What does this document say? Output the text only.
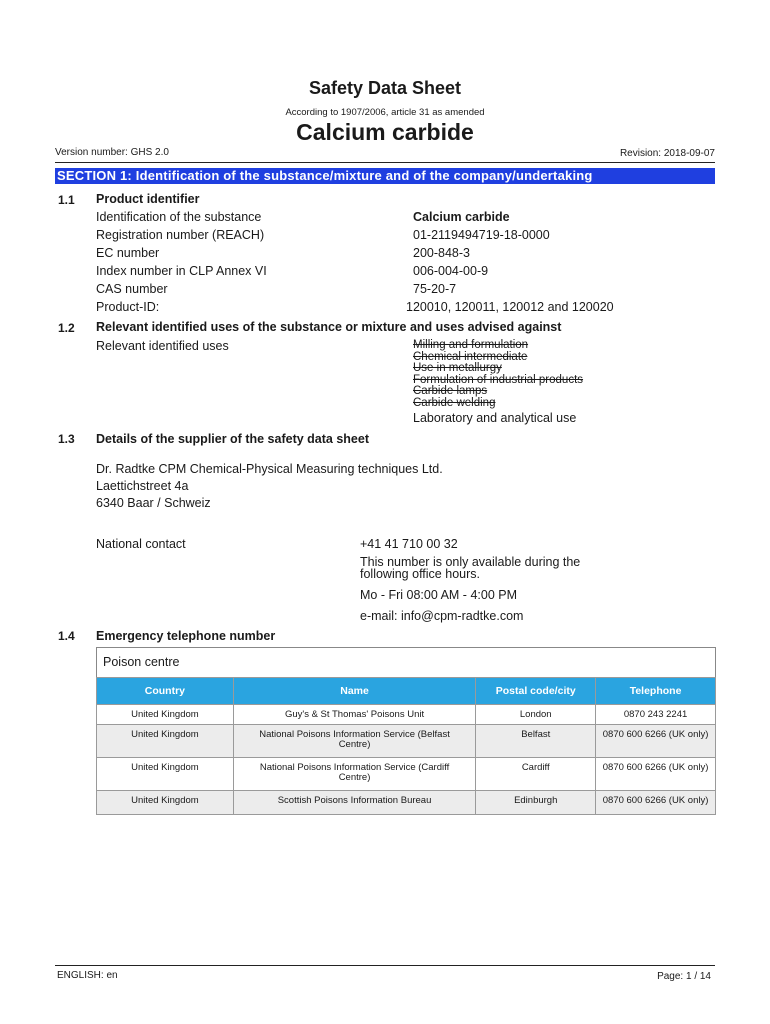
Safety Data Sheet
According to 1907/2006, article 31 as amended
Calcium carbide
Version number: GHS 2.0	Revision: 2018-09-07
SECTION 1: Identification of the substance/mixture and of the company/undertaking
1.1 Product identifier
Identification of the substance	Calcium carbide
Registration number (REACH)	01-2119494719-18-0000
EC number	200-848-3
Index number in CLP Annex VI	006-004-00-9
CAS number	75-20-7
Product-ID:	120010, 120011, 120012 and 120020
1.2 Relevant identified uses of the substance or mixture and uses advised against
Relevant identified uses	Milling and formulation
Chemical intermediate
Use in metallurgy
Formulation of industrial products
Carbide lamps
Carbide welding
Laboratory and analytical use
1.3 Details of the supplier of the safety data sheet
Dr. Radtke CPM Chemical-Physical Measuring techniques Ltd.
Laettichstreet 4a
6340 Baar / Schweiz
National contact	+41 41 710 00 32
This number is only available during the
following office hours.
Mo - Fri 08:00 AM - 4:00 PM
e-mail: info@cpm-radtke.com
1.4 Emergency telephone number
Poison centre
Country	Name	Postal code/city	Telephone
United Kingdom	Guy's & St Thomas' Poisons Unit	London	0870 243 2241
United Kingdom	National Poisons Information Service (Belfast
Centre)	Belfast	0870 600 6266 (UK only)
United Kingdom	National Poisons Information Service (Cardiff
Centre)	Cardiff	0870 600 6266 (UK only)
United Kingdom	Scottish Poisons Information Bureau	Edinburgh	0870 600 6266 (UK only)
ENGLISH: en	Page: 1 / 14
